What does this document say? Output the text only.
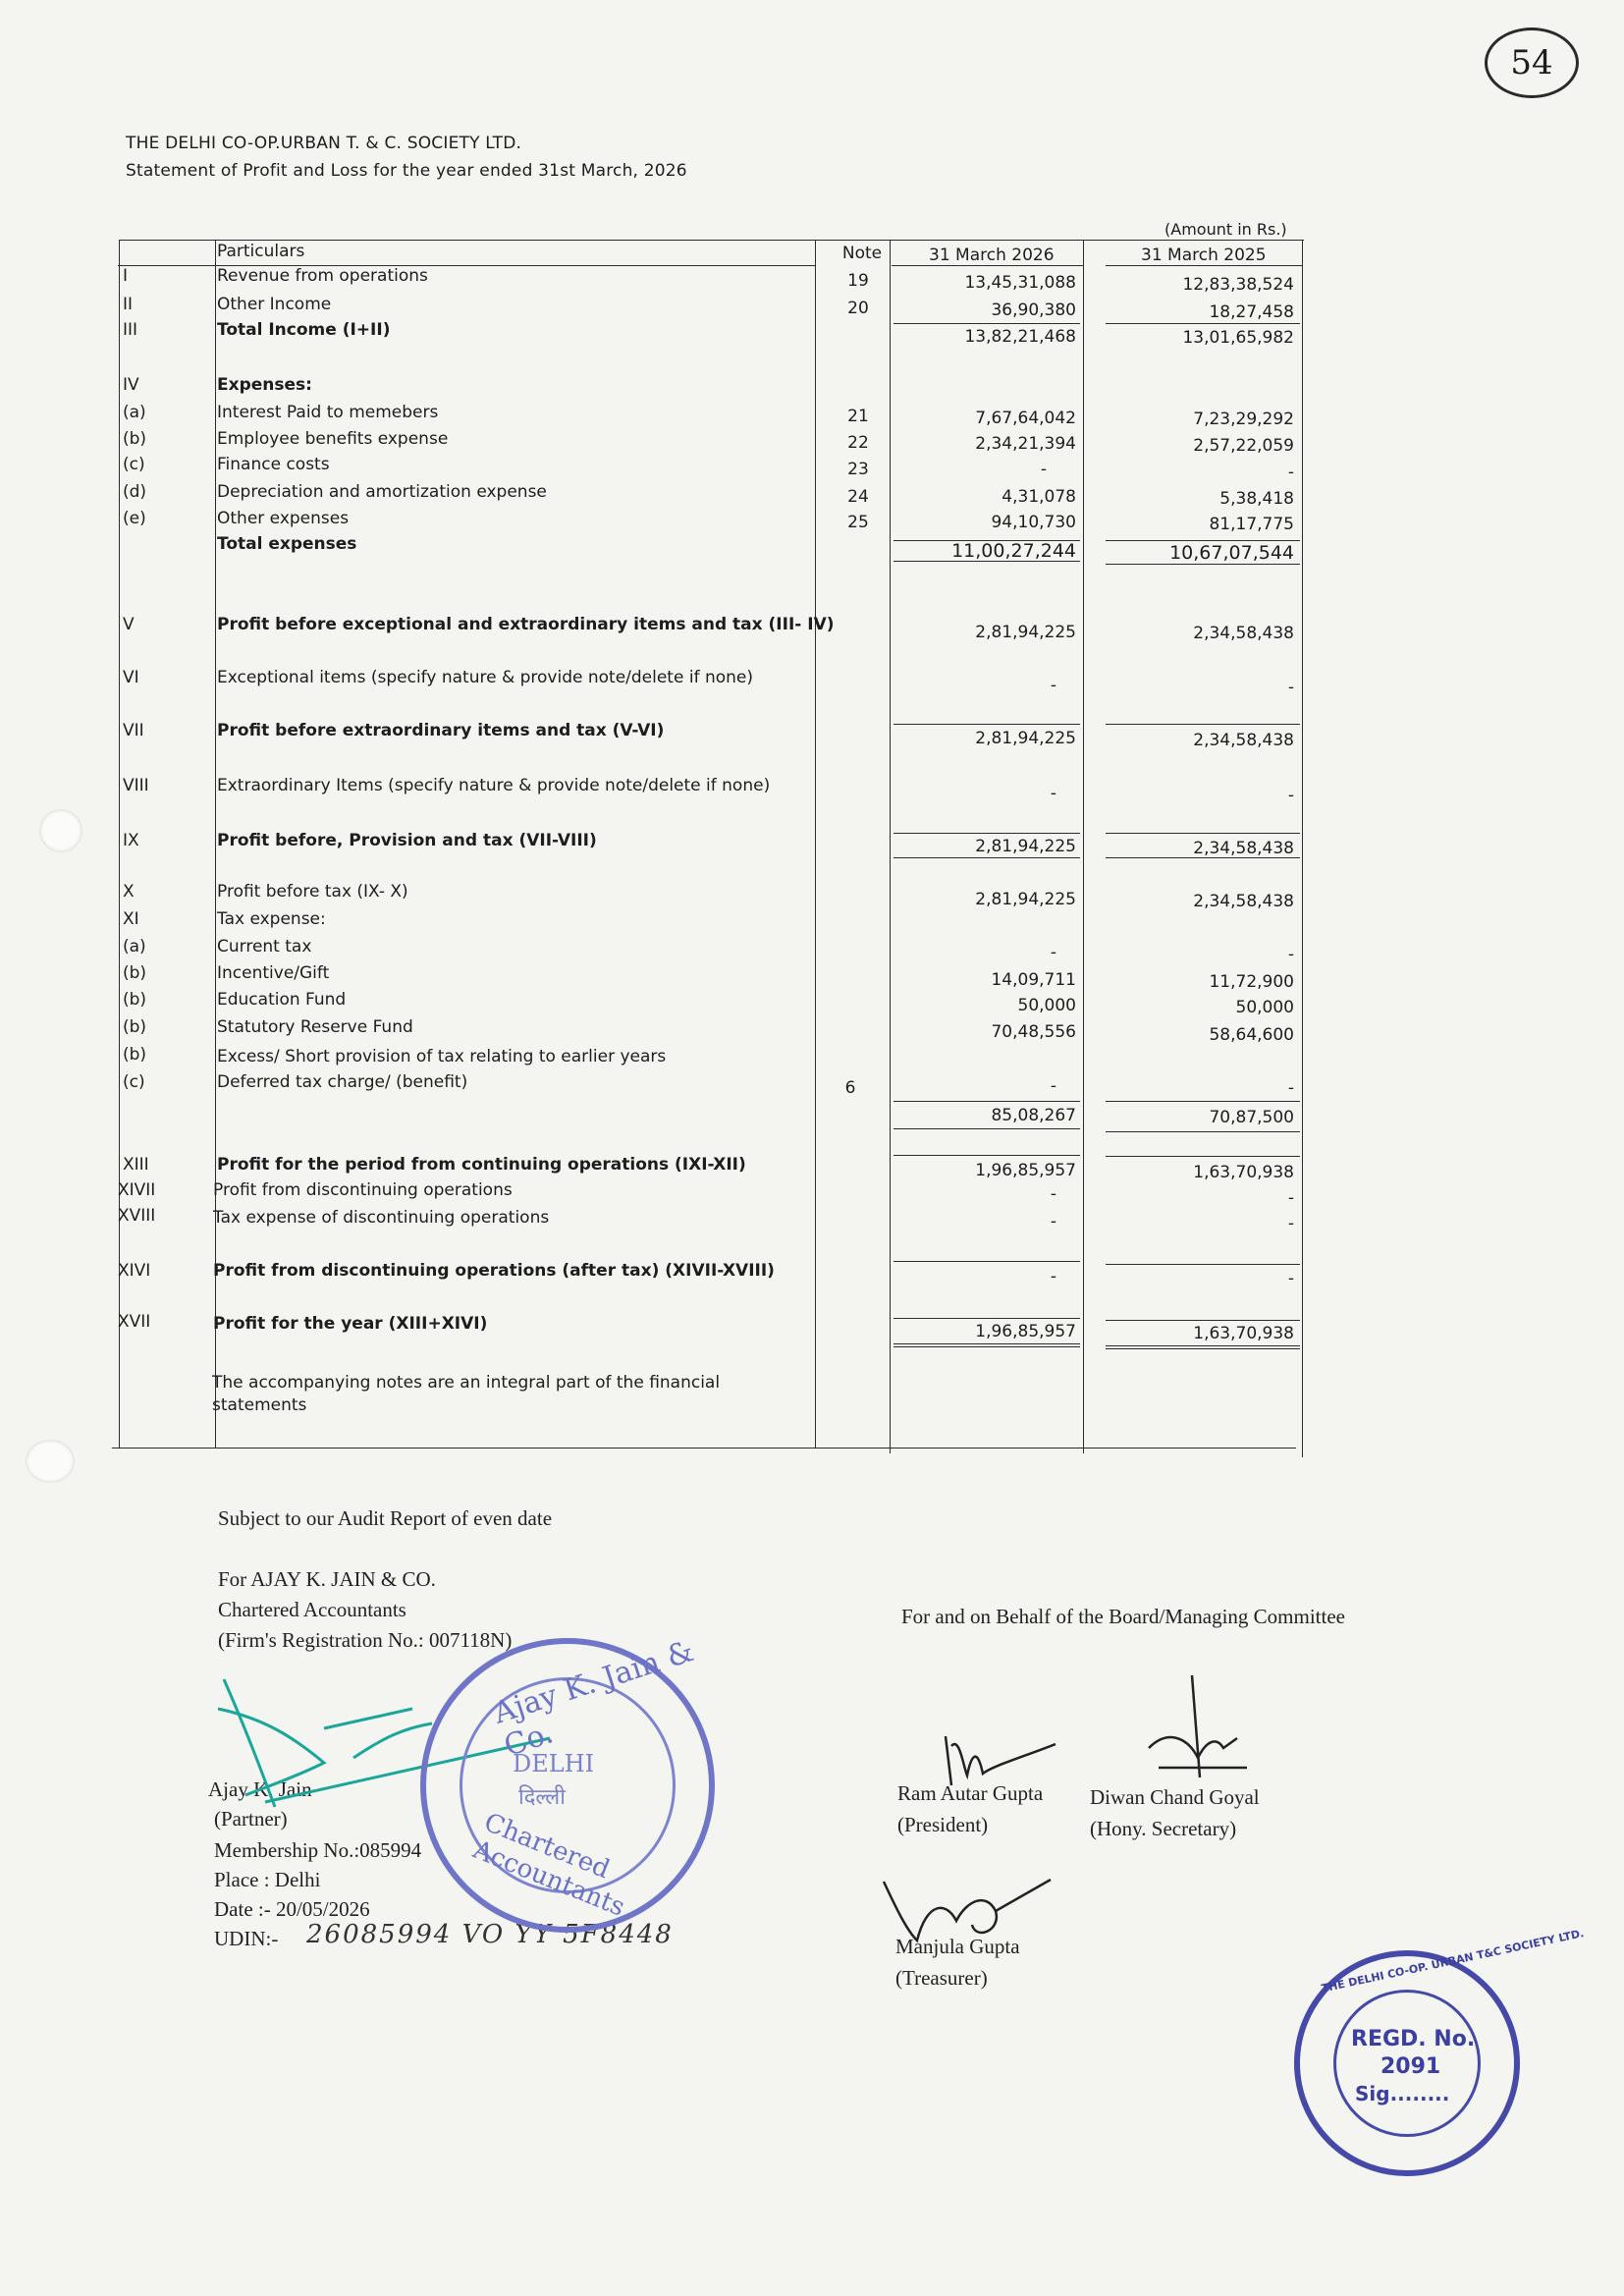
54
THE DELHI CO-OP.URBAN T. & C. SOCIETY LTD.
Statement of Profit and Loss for the year ended 31st March, 2026
(Amount in Rs.)
Particulars	Note	31 March 2026	31 March 2025
I	Revenue from operations	19	13,45,31,088	12,83,38,524
II	Other Income	20	36,90,380	18,27,458
III	Total Income (I+II)	13,82,21,468	13,01,65,982
IV	Expenses:
(a)	Interest Paid to memebers	21	7,67,64,042	7,23,29,292
(b)	Employee benefits expense	22	2,34,21,394	2,57,22,059
(c)	Finance costs	23	-	-
(d)	Depreciation and amortization expense	24	4,31,078	5,38,418
(e)	Other expenses	25	94,10,730	81,17,775
Total expenses	11,00,27,244	10,67,07,544
V	Profit before exceptional and extraordinary items and tax (III- IV)	2,81,94,225	2,34,58,438
VI	Exceptional items (specify nature & provide note/delete if none)	-	-
VII	Profit before extraordinary items and tax (V-VI)	2,81,94,225	2,34,58,438
VIII	Extraordinary Items (specify nature & provide note/delete if none)	-	-
IX	Profit before, Provision and tax (VII-VIII)	2,81,94,225	2,34,58,438
X	Profit before tax (IX- X)	2,81,94,225	2,34,58,438
XI	Tax expense:
(a)	Current tax	-	-
(b)	Incentive/Gift	14,09,711	11,72,900
(b)	Education Fund	50,000	50,000
(b)	Statutory Reserve Fund	70,48,556	58,64,600
(b)	Excess/ Short provision of tax relating to earlier years
(c)	Deferred tax charge/ (benefit)	6	-	-
85,08,267	70,87,500
XIII	Profit for the period from continuing operations (IXI-XII)	1,96,85,957	1,63,70,938
XIVII	Profit from discontinuing operations	-	-
XVIII	Tax expense of discontinuing operations	-	-
XIVI	Profit from discontinuing operations (after tax) (XIVII-XVIII)	-	-
XVII	Profit for the year (XIII+XIVI)	1,96,85,957	1,63,70,938
The accompanying notes are an integral part of the financial
statements
Subject to our Audit Report of even date
For AJAY K. JAIN & CO.
Chartered Accountants
(Firm's Registration No.: 007118N)
Ajay K. Jain
(Partner)
Membership No.:085994
Place : Delhi
Date :- 20/05/2026
UDIN:- 26085994 VO YY 5F8448
Ajay K. Jain & Co.
DELHI
दिल्ली
Chartered Accountants
For and on Behalf of the Board/Managing Committee
Ram Autar Gupta
(President)
Diwan Chand Goyal
(Hony. Secretary)
Manjula Gupta
(Treasurer)	THE DELHI CO-OP. URBAN T&C SOCIETY LTD.
REGD. No.
2091
Sig........
